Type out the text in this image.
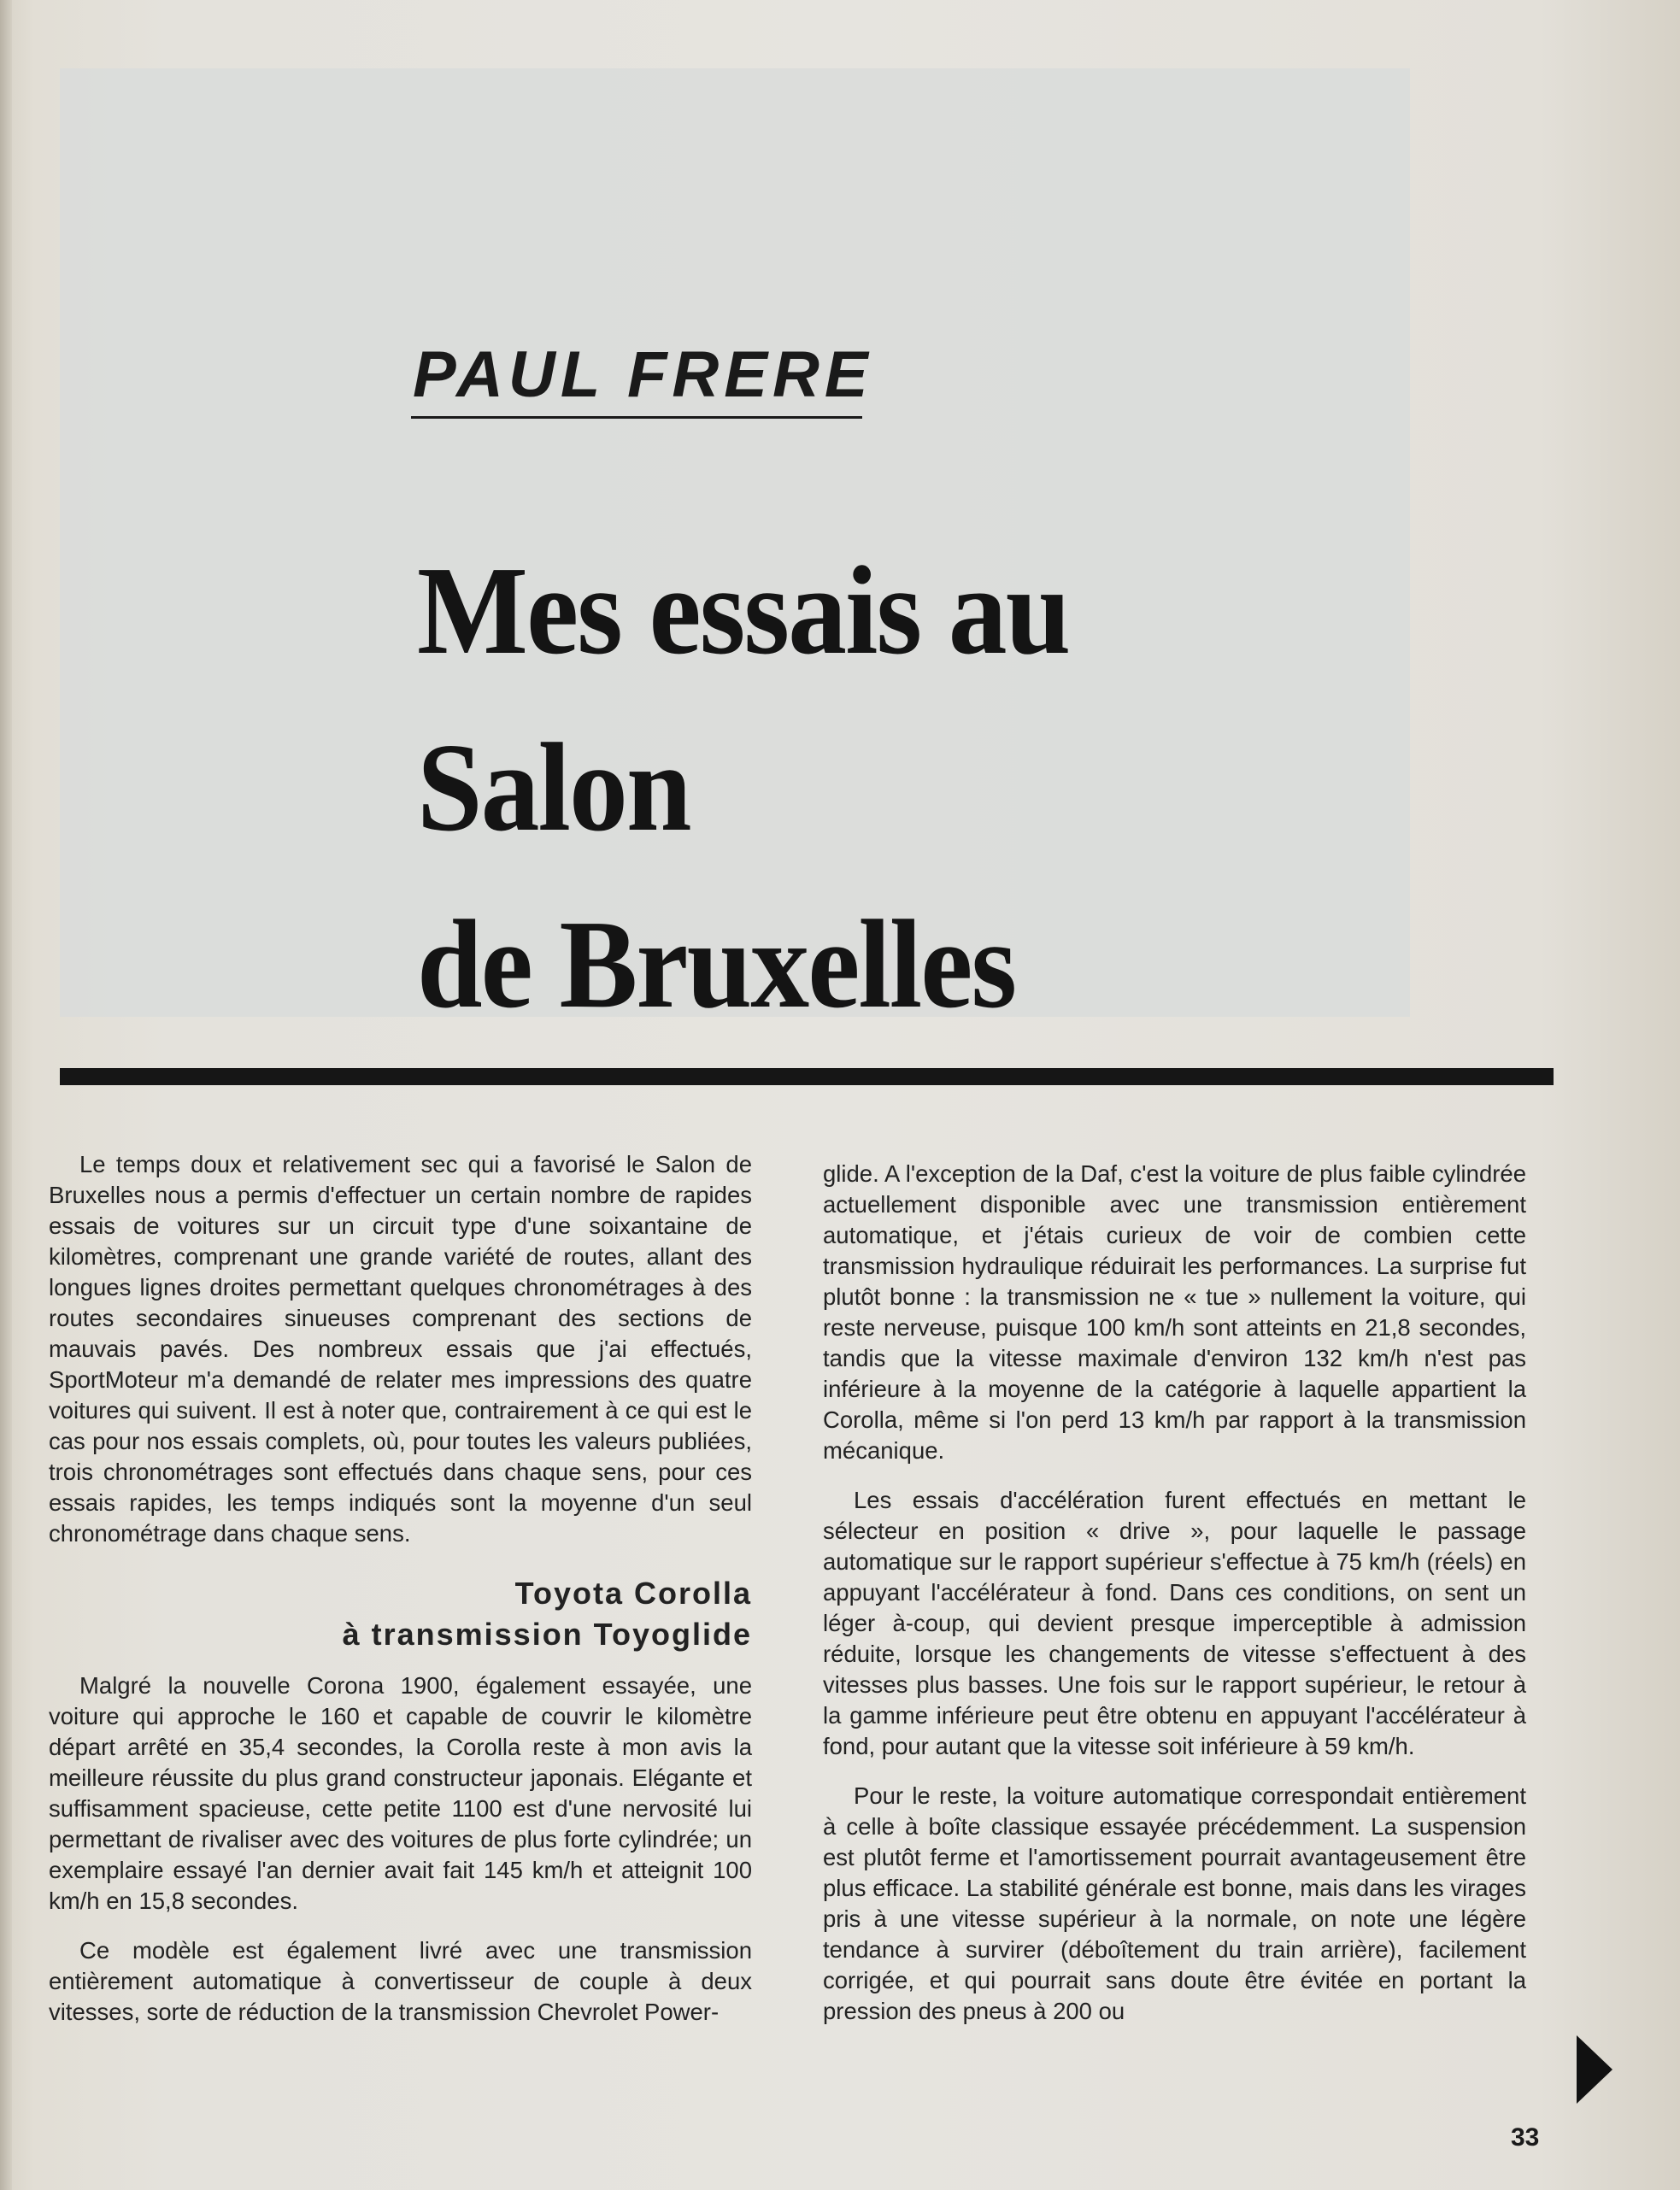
PAUL FRERE
Mes essais au
Salon
de Bruxelles

Le temps doux et relativement sec qui a favorisé le Salon de Bruxelles nous a permis d'effectuer un certain nombre de rapides essais de voitures sur un circuit type d'une soixantaine de kilomètres, comprenant une grande variété de routes, allant des longues lignes droites permettant quelques chronométrages à des routes secondaires sinueuses comprenant des sections de mauvais pavés. Des nombreux essais que j'ai effectués, SportMoteur m'a demandé de relater mes impressions des quatre voitures qui suivent. Il est à noter que, contrairement à ce qui est le cas pour nos essais complets, où, pour toutes les valeurs publiées, trois chronométrages sont effectués dans chaque sens, pour ces essais rapides, les temps indiqués sont la moyenne d'un seul chronométrage dans chaque sens.

Toyota Corolla
à transmission Toyoglide

Malgré la nouvelle Corona 1900, également essayée, une voiture qui approche le 160 et capable de couvrir le kilomètre départ arrêté en 35,4 secondes, la Corolla reste à mon avis la meilleure réussite du plus grand constructeur japonais. Elégante et suffisamment spacieuse, cette petite 1100 est d'une nervosité lui permettant de rivaliser avec des voitures de plus forte cylindrée; un exemplaire essayé l'an dernier avait fait 145 km/h et atteignit 100 km/h en 15,8 secondes.

Ce modèle est également livré avec une transmission entièrement automatique à convertisseur de couple à deux vitesses, sorte de réduction de la transmission Chevrolet Power-

glide. A l'exception de la Daf, c'est la voiture de plus faible cylindrée actuellement disponible avec une transmission entièrement automatique, et j'étais curieux de voir de combien cette transmission hydraulique réduirait les performances. La surprise fut plutôt bonne : la transmission ne « tue » nullement la voiture, qui reste nerveuse, puisque 100 km/h sont atteints en 21,8 secondes, tandis que la vitesse maximale d'environ 132 km/h n'est pas inférieure à la moyenne de la catégorie à laquelle appartient la Corolla, même si l'on perd 13 km/h par rapport à la transmission mécanique.

Les essais d'accélération furent effectués en mettant le sélecteur en position « drive », pour laquelle le passage automatique sur le rapport supérieur s'effectue à 75 km/h (réels) en appuyant l'accélérateur à fond. Dans ces conditions, on sent un léger à-coup, qui devient presque imperceptible à admission réduite, lorsque les changements de vitesse s'effectuent à des vitesses plus basses. Une fois sur le rapport supérieur, le retour à la gamme inférieure peut être obtenu en appuyant l'accélérateur à fond, pour autant que la vitesse soit inférieure à 59 km/h.

Pour le reste, la voiture automatique correspondait entièrement à celle à boîte classique essayée précédemment. La suspension est plutôt ferme et l'amortissement pourrait avantageusement être plus efficace. La stabilité générale est bonne, mais dans les virages pris à une vitesse supérieur à la normale, on note une légère tendance à survirer (déboîtement du train arrière), facilement corrigée, et qui pourrait sans doute être évitée en portant la pression des pneus à 200 ou

33
